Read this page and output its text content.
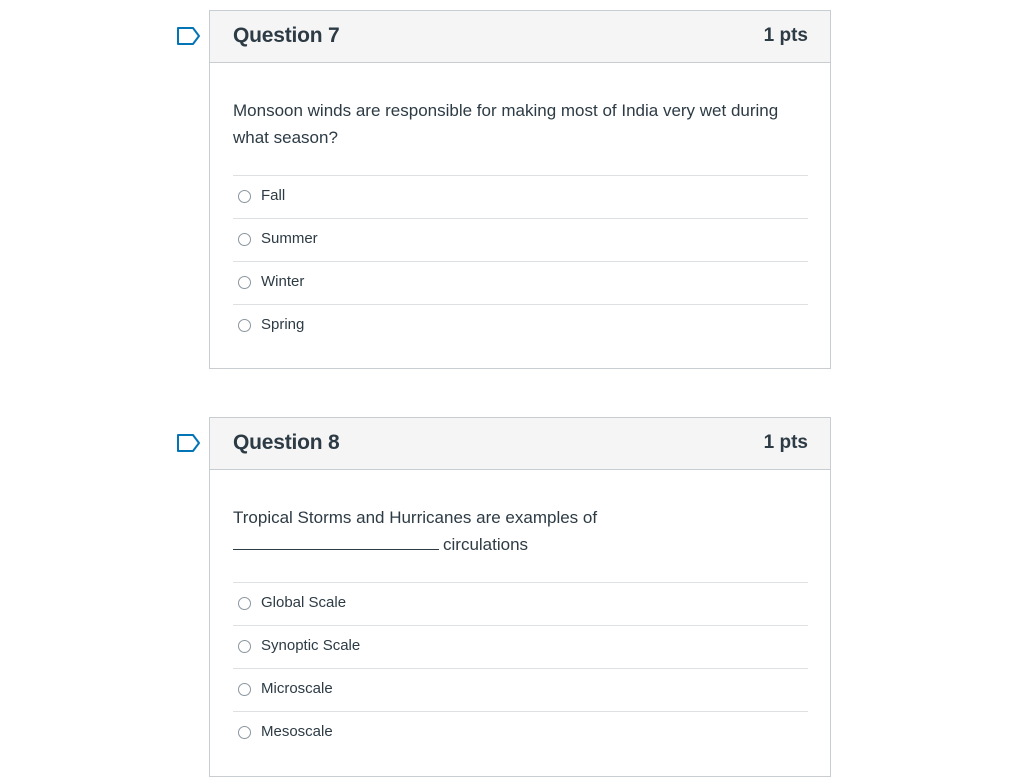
Question 7	1 pts

Monsoon winds are responsible for making most of India very wet during what season?

Fall
Summer
Winter
Spring
Question 8	1 pts

Tropical Storms and Hurricanes are examples of
circulations

Global Scale
Synoptic Scale
Microscale
Mesoscale
